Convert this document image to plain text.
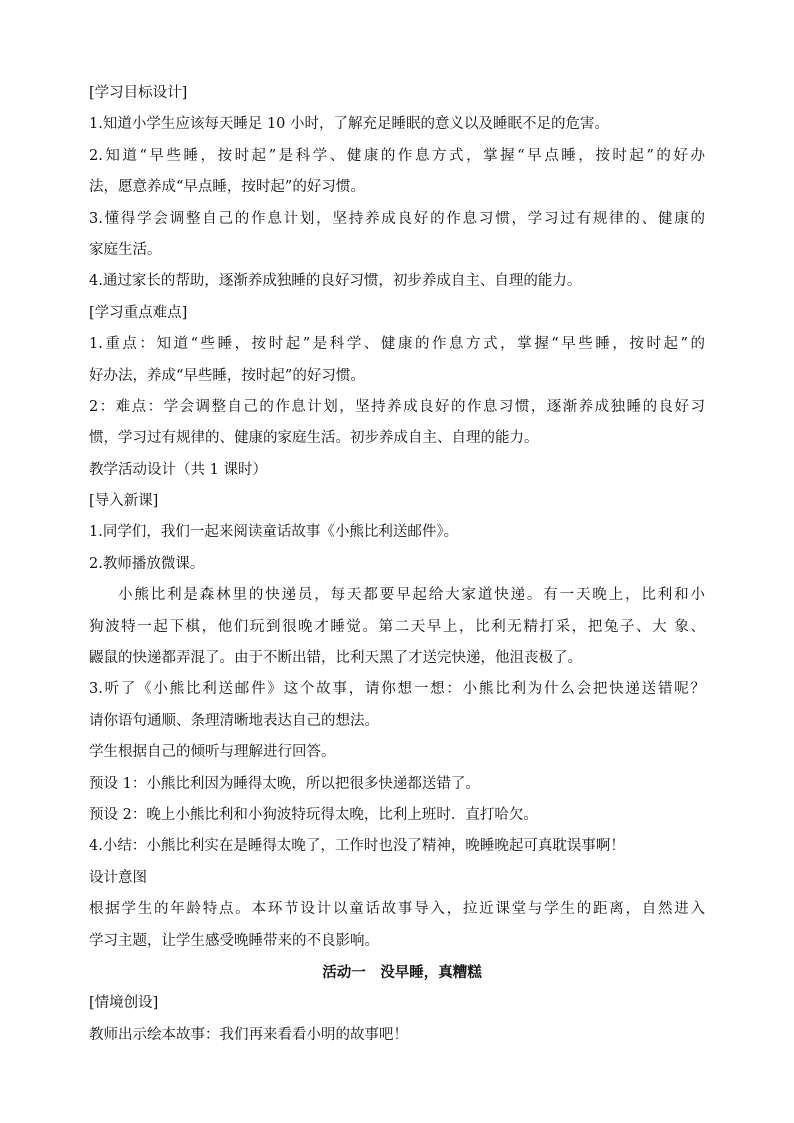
[学习目标设计]
1.知道小学生应该每天睡足 10 小时，了解充足睡眠的意义以及睡眠不足的危害。
2.知道“早些睡，按时起”是科学、健康的作息方式，掌握“早点睡，按时起”的好办
法，愿意养成“早点睡，按时起”的好习惯。
3.懂得学会调整自己的作息计划，坚持养成良好的作息习惯，学习过有规律的、健康的
家庭生活。
4.通过家长的帮助，逐渐养成独睡的良好习惯，初步养成自主、自理的能力。
[学习重点难点]
1.重点：知道“些睡，按时起”是科学、健康的作息方式，掌握“早些睡，按时起”的
好办法，养成“早些睡，按时起”的好习惯。
2：难点：学会调整自己的作息计划，坚持养成良好的作息习惯，逐渐养成独睡的良好习
惯，学习过有规律的、健康的家庭生活。初步养成自主、自理的能力。
教学活动设计（共 1 课时）
[导入新课]
1.同学们，我们一起来阅读童话故事《小熊比利送邮件》。
2.教师播放微课。
小熊比利是森林里的快递员，每天都要早起给大家道快递。有一天晚上，比利和小
狗波特一起下棋，他们玩到很晚才睡觉。第二天早上，比利无精打采，把兔子、大 象、
鼹鼠的快递都弄混了。由于不断出错，比利天黑了才送完快递，他沮丧极了。
3.听了《小熊比利送邮件》这个故事，请你想一想：小熊比利为什么会把快递送错呢？
请你语句通顺、条理清晰地表达自己的想法。
学生根据自己的倾听与理解进行回答。
预设 1：小熊比利因为睡得太晚，所以把很多快递都送错了。
预设 2：晚上小熊比利和小狗波特玩得太晚，比利上班时．直打哈欠。
4.小结：小熊比利实在是睡得太晚了，工作时也没了精神，晚睡晚起可真耽误事啊！
设计意图
根据学生的年龄特点。本环节设计以童话故事导入，拉近课堂与学生的距离，自然进入
学习主题，让学生感受晚睡带来的不良影响。
活动一　没早睡，真糟糕
[情境创设]
教师出示绘本故事：我们再来看看小明的故事吧！
